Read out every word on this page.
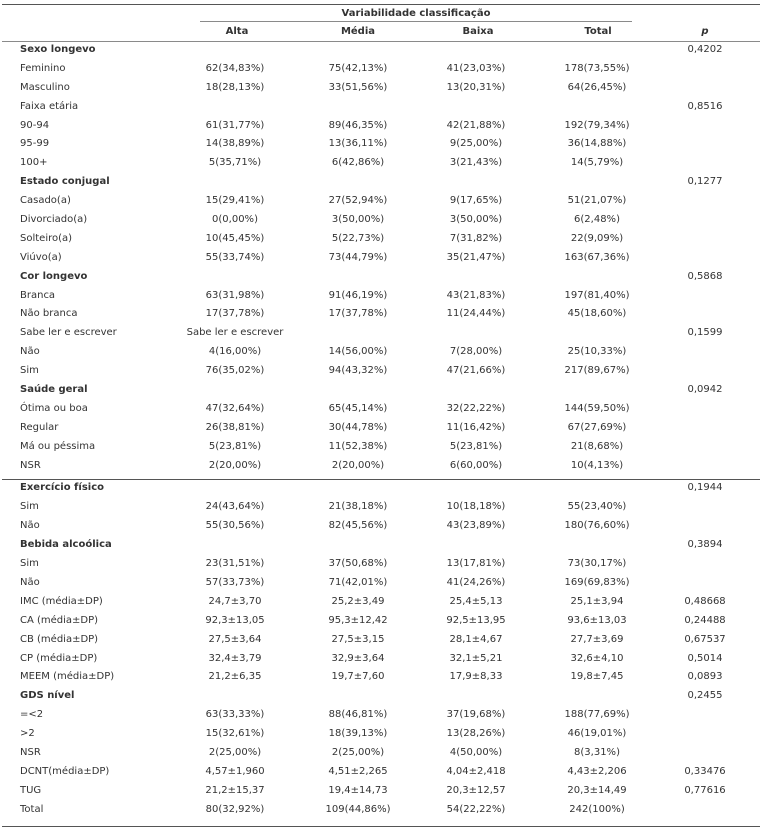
Variabilidade classificação
Alta	Média	Baixa	Total	p
Sexo longevo	0,4202
Feminino	62(34,83%)	75(42,13%)	41(23,03%)	178(73,55%)
Masculino	18(28,13%)	33(51,56%)	13(20,31%)	64(26,45%)
Faixa etária	0,8516
90-94	61(31,77%)	89(46,35%)	42(21,88%)	192(79,34%)
95-99	14(38,89%)	13(36,11%)	9(25,00%)	36(14,88%)
100+	5(35,71%)	6(42,86%)	3(21,43%)	14(5,79%)
Estado conjugal	0,1277
Casado(a)	15(29,41%)	27(52,94%)	9(17,65%)	51(21,07%)
Divorciado(a)	0(0,00%)	3(50,00%)	3(50,00%)	6(2,48%)
Solteiro(a)	10(45,45%)	5(22,73%)	7(31,82%)	22(9,09%)
Viúvo(a)	55(33,74%)	73(44,79%)	35(21,47%)	163(67,36%)
Cor longevo	0,5868
Branca	63(31,98%)	91(46,19%)	43(21,83%)	197(81,40%)
Não branca	17(37,78%)	17(37,78%)	11(24,44%)	45(18,60%)
Sabe ler e escrever	Sabe ler e escrever	0,1599
Não	4(16,00%)	14(56,00%)	7(28,00%)	25(10,33%)
Sim	76(35,02%)	94(43,32%)	47(21,66%)	217(89,67%)
Saúde geral	0,0942
Ótima ou boa	47(32,64%)	65(45,14%)	32(22,22%)	144(59,50%)
Regular	26(38,81%)	30(44,78%)	11(16,42%)	67(27,69%)
Má ou péssima	5(23,81%)	11(52,38%)	5(23,81%)	21(8,68%)
NSR	2(20,00%)	2(20,00%)	6(60,00%)	10(4,13%)
Exercício físico	0,1944
Sim	24(43,64%)	21(38,18%)	10(18,18%)	55(23,40%)
Não	55(30,56%)	82(45,56%)	43(23,89%)	180(76,60%)
Bebida alcoólica	0,3894
Sim	23(31,51%)	37(50,68%)	13(17,81%)	73(30,17%)
Não	57(33,73%)	71(42,01%)	41(24,26%)	169(69,83%)
IMC (média±DP)	24,7±3,70	25,2±3,49	25,4±5,13	25,1±3,94	0,48668
CA (média±DP)	92,3±13,05	95,3±12,42	92,5±13,95	93,6±13,03	0,24488
CB (média±DP)	27,5±3,64	27,5±3,15	28,1±4,67	27,7±3,69	0,67537
CP (média±DP)	32,4±3,79	32,9±3,64	32,1±5,21	32,6±4,10	0,5014
MEEM (média±DP)	21,2±6,35	19,7±7,60	17,9±8,33	19,8±7,45	0,0893
GDS nível	0,2455
=<2	63(33,33%)	88(46,81%)	37(19,68%)	188(77,69%)
>2	15(32,61%)	18(39,13%)	13(28,26%)	46(19,01%)
NSR	2(25,00%)	2(25,00%)	4(50,00%)	8(3,31%)
DCNT(média±DP)	4,57±1,960	4,51±2,265	4,04±2,418	4,43±2,206	0,33476
TUG	21,2±15,37	19,4±14,73	20,3±12,57	20,3±14,49	0,77616
Total	80(32,92%)	109(44,86%)	54(22,22%)	242(100%)
